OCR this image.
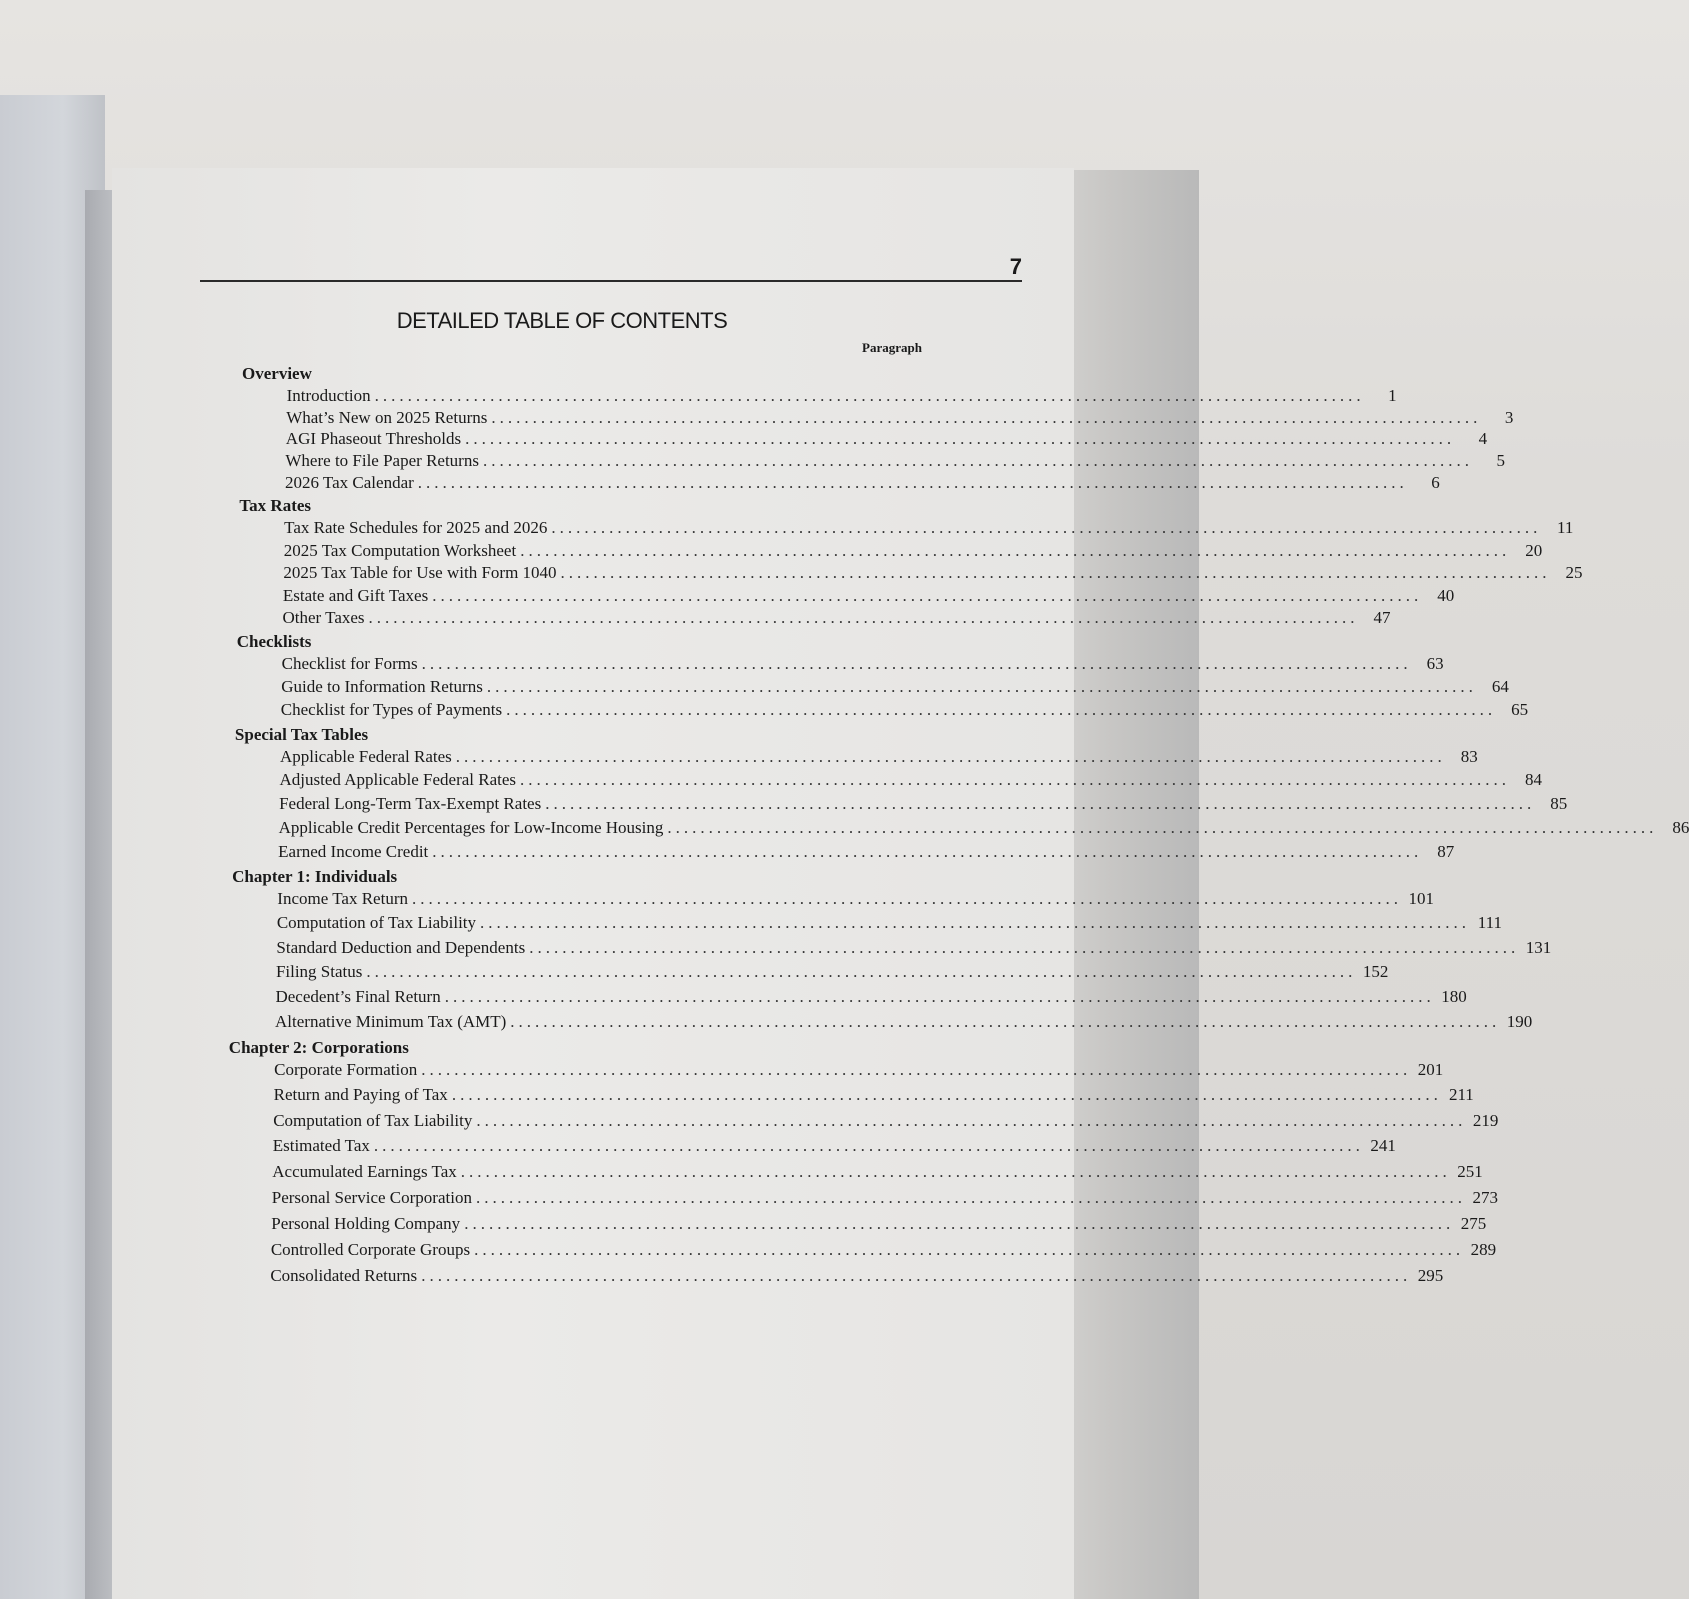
7
DETAILED TABLE OF CONTENTS
Paragraph
Overview
Introduction ........................................................................................................................	1
What’s New on 2025 Returns ........................................................................................................................	3
AGI Phaseout Thresholds ........................................................................................................................	4
Where to File Paper Returns ........................................................................................................................	5
2026 Tax Calendar ........................................................................................................................	6
Tax Rates
Tax Rate Schedules for 2025 and 2026 ........................................................................................................................ 11
2025 Tax Computation Worksheet ........................................................................................................................ 20
2025 Tax Table for Use with Form 1040 ........................................................................................................................ 25
Estate and Gift Taxes ........................................................................................................................ 40
Other Taxes ........................................................................................................................ 47
Checklists
Checklist for Forms ........................................................................................................................ 63
Guide to Information Returns ........................................................................................................................ 64
Checklist for Types of Payments ........................................................................................................................ 65
Special Tax Tables
Applicable Federal Rates ........................................................................................................................ 83
Adjusted Applicable Federal Rates ........................................................................................................................ 84
Federal Long-Term Tax-Exempt Rates ........................................................................................................................ 85
Applicable Credit Percentages for Low-Income Housing ........................................................................................................................ 86
Earned Income Credit ........................................................................................................................ 87
Chapter 1: Individuals
Income Tax Return ........................................................................................................................ 101
Computation of Tax Liability ........................................................................................................................ 111
Standard Deduction and Dependents ........................................................................................................................ 131
Filing Status ........................................................................................................................ 152
Decedent’s Final Return ........................................................................................................................ 180
Alternative Minimum Tax (AMT) ........................................................................................................................ 190
Chapter 2: Corporations
Corporate Formation ........................................................................................................................ 201
Return and Paying of Tax ........................................................................................................................ 211
Computation of Tax Liability ........................................................................................................................ 219
Estimated Tax ........................................................................................................................ 241
Accumulated Earnings Tax ........................................................................................................................ 251
Personal Service Corporation ........................................................................................................................ 273
Personal Holding Company ........................................................................................................................ 275
Controlled Corporate Groups ........................................................................................................................ 289
Consolidated Returns ........................................................................................................................ 295
